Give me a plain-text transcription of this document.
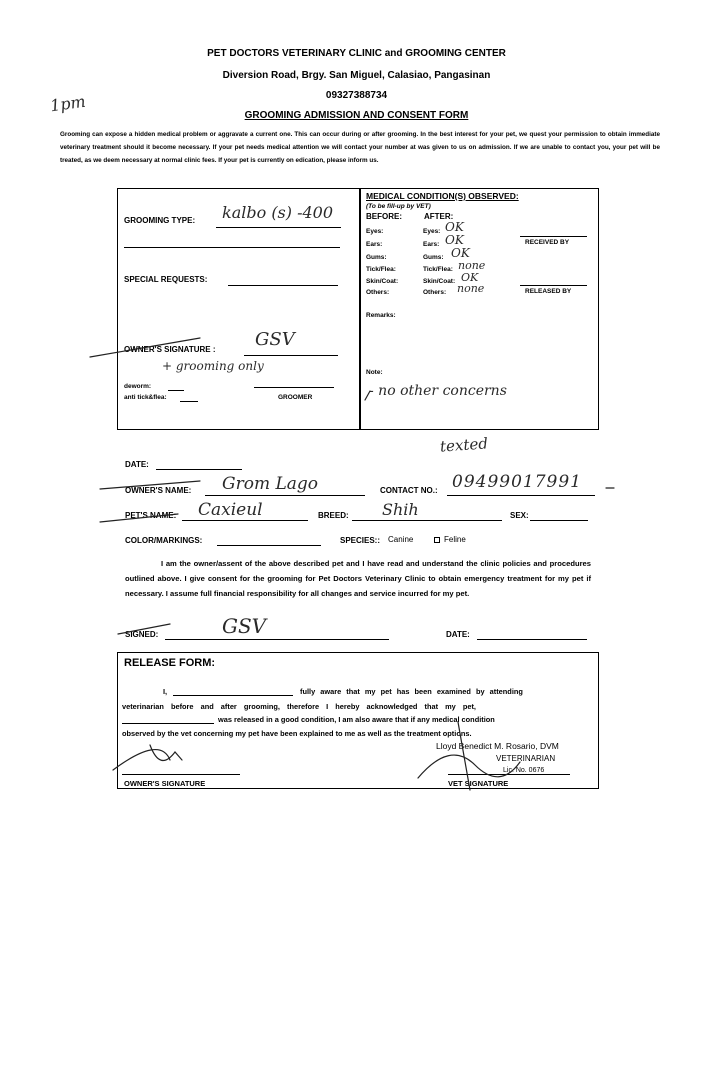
PET DOCTORS VETERINARY CLINIC and GROOMING CENTER
Diversion Road, Brgy. San Miguel, Calasiao, Pangasinan
09327388734
GROOMING ADMISSION AND CONSENT FORM
1pm
Grooming can expose a hidden medical problem or aggravate a current one. This can occur during or after grooming. In the best interest for your pet, we quest your permission to obtain immediate veterinary treatment should it become necessary. If your pet needs medical attention we will contact your number at was given to us on admission. If we are unable to contact you, your pet will be treated, as we deem necessary at normal clinic fees. If your pet is currently on edication, please inform us.
GROOMING TYPE: kalbo (s) -400
SPECIAL REQUESTS:
OWNER'S SIGNATURE : GSV
+ grooming only
deworm:
anti tick&flea:	GROOMER
MEDICAL CONDITION(S) OBSERVED:
(To be fill-up by VET)
BEFORE:	AFTER:
Eyes:	Eyes: OK
Ears:	Ears: OK
Gums:	Gums: OK
Tick/Flea:	Tick/Flea: none
Skin/Coat:	Skin/Coat: OK
Others:	Others: none
RECEIVED BY
RELEASED BY
Remarks:
Note:
- no other concerns
texted
DATE:
OWNER'S NAME: Grom Lago	CONTACT NO.: 09499017991
PET'S NAME: Caxieul	BREED: Shih	SEX:
COLOR/MARKINGS:	SPECIES:: Canine	Feline
I am the owner/assent of the above described pet and I have read and understand the clinic policies and procedures outlined above. I give consent for the grooming for Pet Doctors Veterinary Clinic to obtain emergency treatment for my pet if necessary. I assume full financial responsibility for all changes and service incurred for my pet.
SIGNED:	GSV	DATE:
RELEASE FORM:
I,	fully aware that my pet has been examined by attending
veterinarian before and after grooming, therefore I hereby acknowledged that my pet,
was released in a good condition, I am also aware that if any medical condition
observed by the vet concerning my pet have been explained to me as well as the treatment options.
Lloyd Benedict M. Rosario, DVM
VETERINARIAN
Lic. No. 0676
VET SIGNATURE
OWNER'S SIGNATURE
